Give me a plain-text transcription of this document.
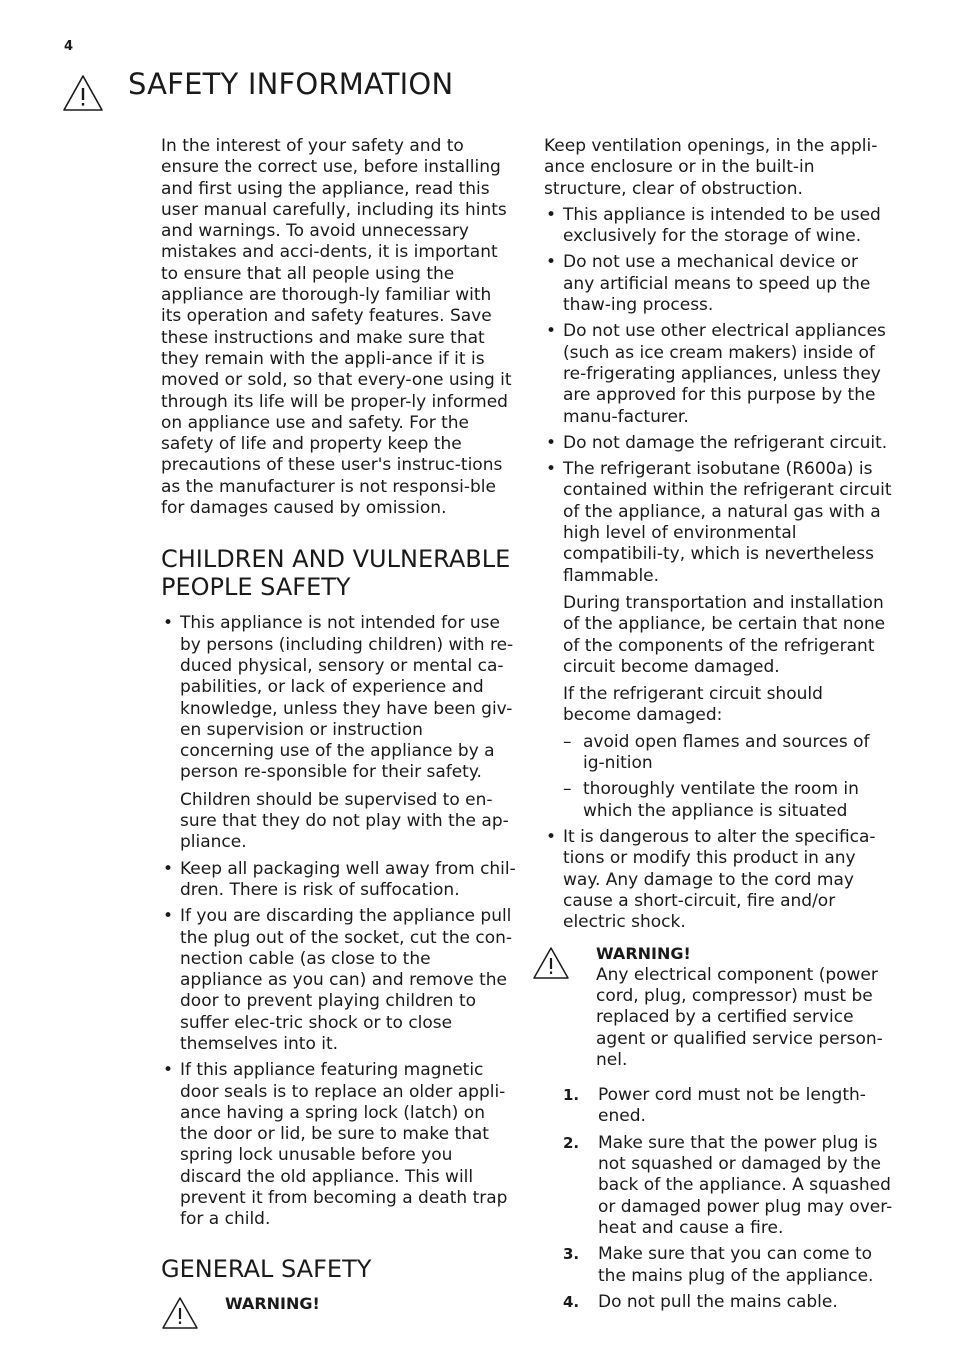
4
SAFETY INFORMATION

In the interest of your safety and to ensure the correct use, before installing and first using the appliance, read this user manual carefully, including its hints and warnings. To avoid unnecessary mistakes and acci-dents, it is important to ensure that all people using the appliance are thorough-ly familiar with its operation and safety features. Save these instructions and make sure that they remain with the appli-ance if it is moved or sold, so that every-one using it through its life will be proper-ly informed on appliance use and safety. For the safety of life and property keep the precautions of these user's instruc-tions as the manufacturer is not responsi-ble for damages caused by omission.

CHILDREN AND VULNERABLE PEOPLE SAFETY

• This appliance is not intended for use by persons (including children) with re-duced physical, sensory or mental ca-pabilities, or lack of experience and knowledge, unless they have been giv-en supervision or instruction concerning use of the appliance by a person re-sponsible for their safety.

Children should be supervised to en-sure that they do not play with the ap-pliance.

• Keep all packaging well away from chil-dren. There is risk of suffocation.
• If you are discarding the appliance pull the plug out of the socket, cut the con-nection cable (as close to the appliance as you can) and remove the door to prevent playing children to suffer elec-tric shock or to close themselves into it.
• If this appliance featuring magnetic door seals is to replace an older appli-ance having a spring lock (latch) on the door or lid, be sure to make that spring lock unusable before you discard the old appliance. This will prevent it from becoming a death trap for a child.
GENERAL SAFETY
WARNING!

Keep ventilation openings, in the appli-ance enclosure or in the built-in structure, clear of obstruction.

• This appliance is intended to be used exclusively for the storage of wine.
• Do not use a mechanical device or any artificial means to speed up the thaw-ing process.
• Do not use other electrical appliances (such as ice cream makers) inside of re-frigerating appliances, unless they are approved for this purpose by the manu-facturer.
• Do not damage the refrigerant circuit.

• The refrigerant isobutane (R600a) is contained within the refrigerant circuit of the appliance, a natural gas with a high level of environmental compatibili-ty, which is nevertheless flammable.

During transportation and installation of the appliance, be certain that none of the components of the refrigerant circuit become damaged.

If the refrigerant circuit should become damaged:

– avoid open flames and sources of ig-nition
– thoroughly ventilate the room in which the appliance is situated
• It is dangerous to alter the specifica-tions or modify this product in any way. Any damage to the cord may cause a short-circuit, fire and/or electric shock.
WARNING!

Any electrical component (power cord, plug, compressor) must be replaced by a certified service agent or qualified service person-nel.

1. Power cord must not be length-ened.
2. Make sure that the power plug is not squashed or damaged by the back of the appliance. A squashed or damaged power plug may over-heat and cause a fire.
3. Make sure that you can come to the mains plug of the appliance.
4. Do not pull the mains cable.
